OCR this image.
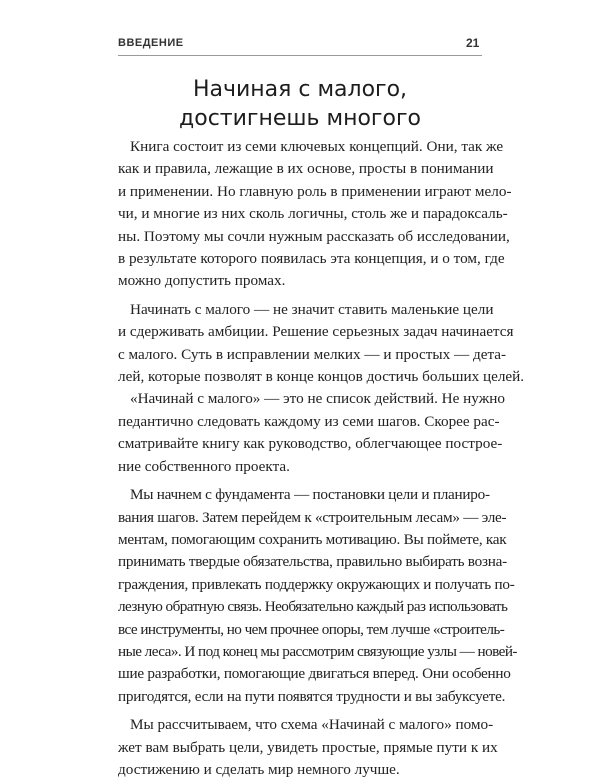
ВВЕДЕНИЕ	21
Начиная с малого,
достигнешь многого
Книга состоит из семи ключевых концепций. Они, так же
как и правила, лежащие в их основе, просты в понимании
и применении. Но главную роль в применении играют мело-
чи, и многие из них сколь логичны, столь же и парадоксаль-
ны. Поэтому мы сочли нужным рассказать об исследовании,
в результате которого появилась эта концепция, и о том, где
можно допустить промах.
Начинать с малого — не значит ставить маленькие цели
и сдерживать амбиции. Решение серьезных задач начинается
с малого. Суть в исправлении мелких — и простых — дета-
лей, которые позволят в конце концов достичь больших целей.
«Начинай с малого» — это не список действий. Не нужно
педантично следовать каждому из семи шагов. Скорее рас-
сматривайте книгу как руководство, облегчающее построе-
ние собственного проекта.
Мы начнем с фундамента — постановки цели и планиро-
вания шагов. Затем перейдем к «строительным лесам» — эле-
ментам, помогающим сохранить мотивацию. Вы поймете, как
принимать твердые обязательства, правильно выбирать возна-
граждения, привлекать поддержку окружающих и получать по-
лезную обратную связь. Необязательно каждый раз использовать
все инструменты, но чем прочнее опоры, тем лучше «строитель-
ные леса». И под конец мы рассмотрим связующие узлы — новей-
шие разработки, помогающие двигаться вперед. Они особенно
пригодятся, если на пути появятся трудности и вы забуксуете.
Мы рассчитываем, что схема «Начинай с малого» помо-
жет вам выбрать цели, увидеть простые, прямые пути к их
достижению и сделать мир немного лучше.
